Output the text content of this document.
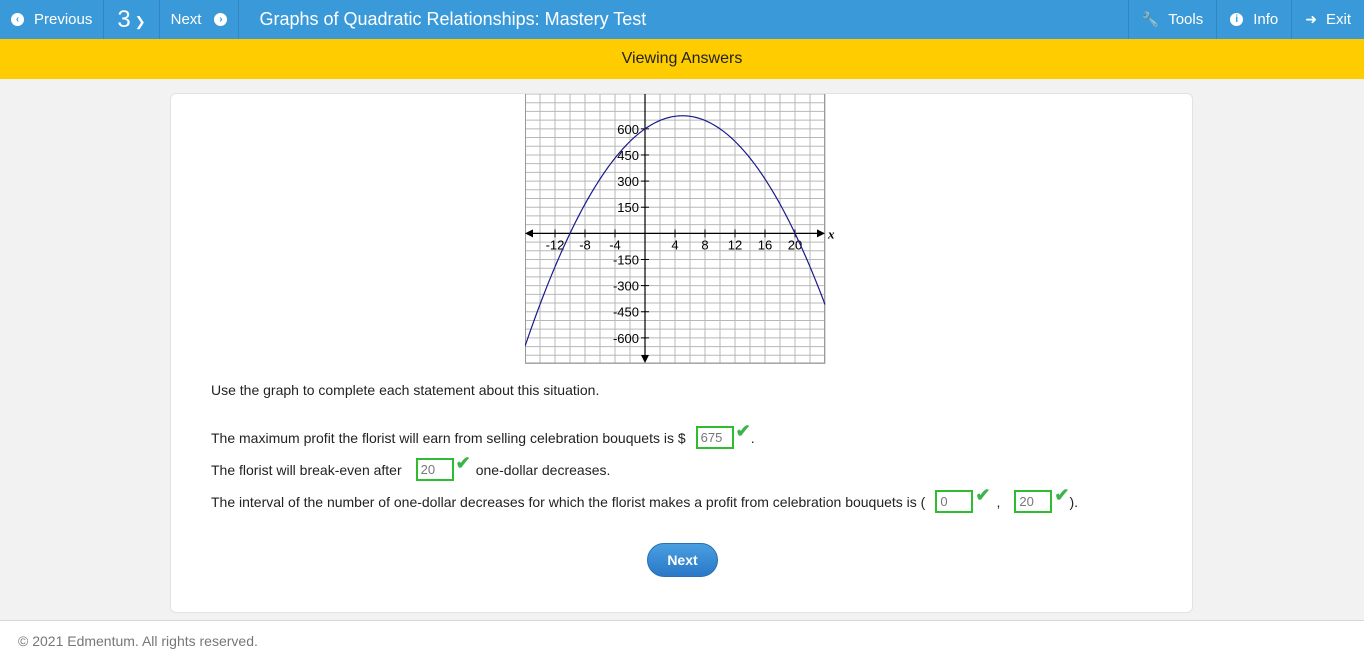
‹ Previous 3 ❯ Next	›	Graphs of Quadratic Relationships: Mastery Test	🔧 Tools	i	Info ➜ Exit
Viewing Answers
x
-12 -8 -4	4 8 12 16 20
600
450
300
150
-150
-300
-450
-600
Use the graph to complete each statement about this situation.
The maximum profit the florist will earn from selling celebration bouquets is $	675 ✔ .
The florist will break-even after	20	✔ one-dollar decreases.
The interval of the number of one-dollar decreases for which the florist makes a profit from celebration bouquets is (	0	✔ ,	20	✔ ).
Next
© 2021 Edmentum. All rights reserved.
